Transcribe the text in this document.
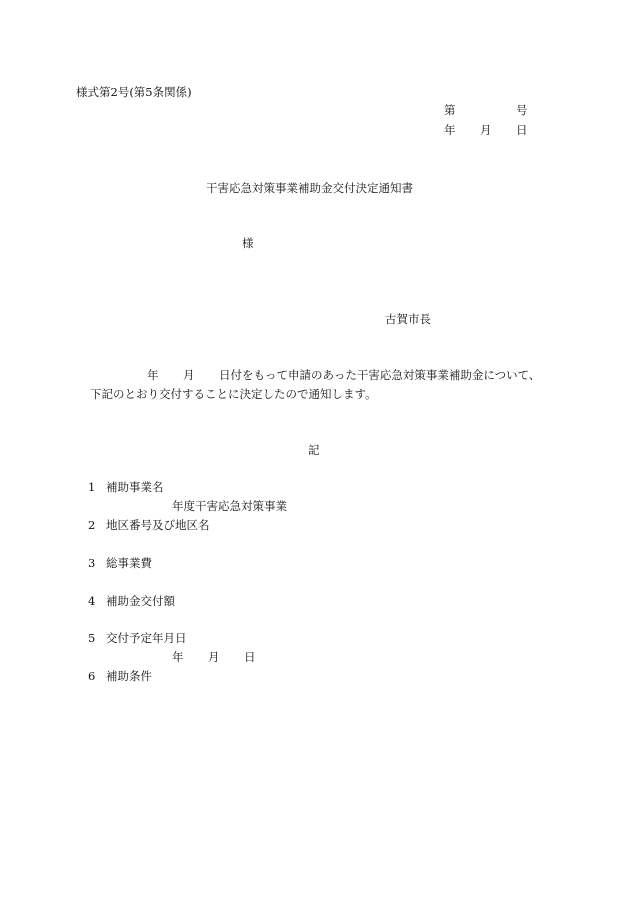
様式第2号(第5条関係)
第	号
年 月 日
干害応急対策事業補助金交付決定通知書
様
古賀市長
年 月 日付をもって申請のあった干害応急対策事業補助金について、
下記のとおり交付することに決定したので通知します。
記
1 補助事業名
年度干害応急対策事業
2 地区番号及び地区名
3 総事業費
4 補助金交付額
5 交付予定年月日
年 月 日
6 補助条件
